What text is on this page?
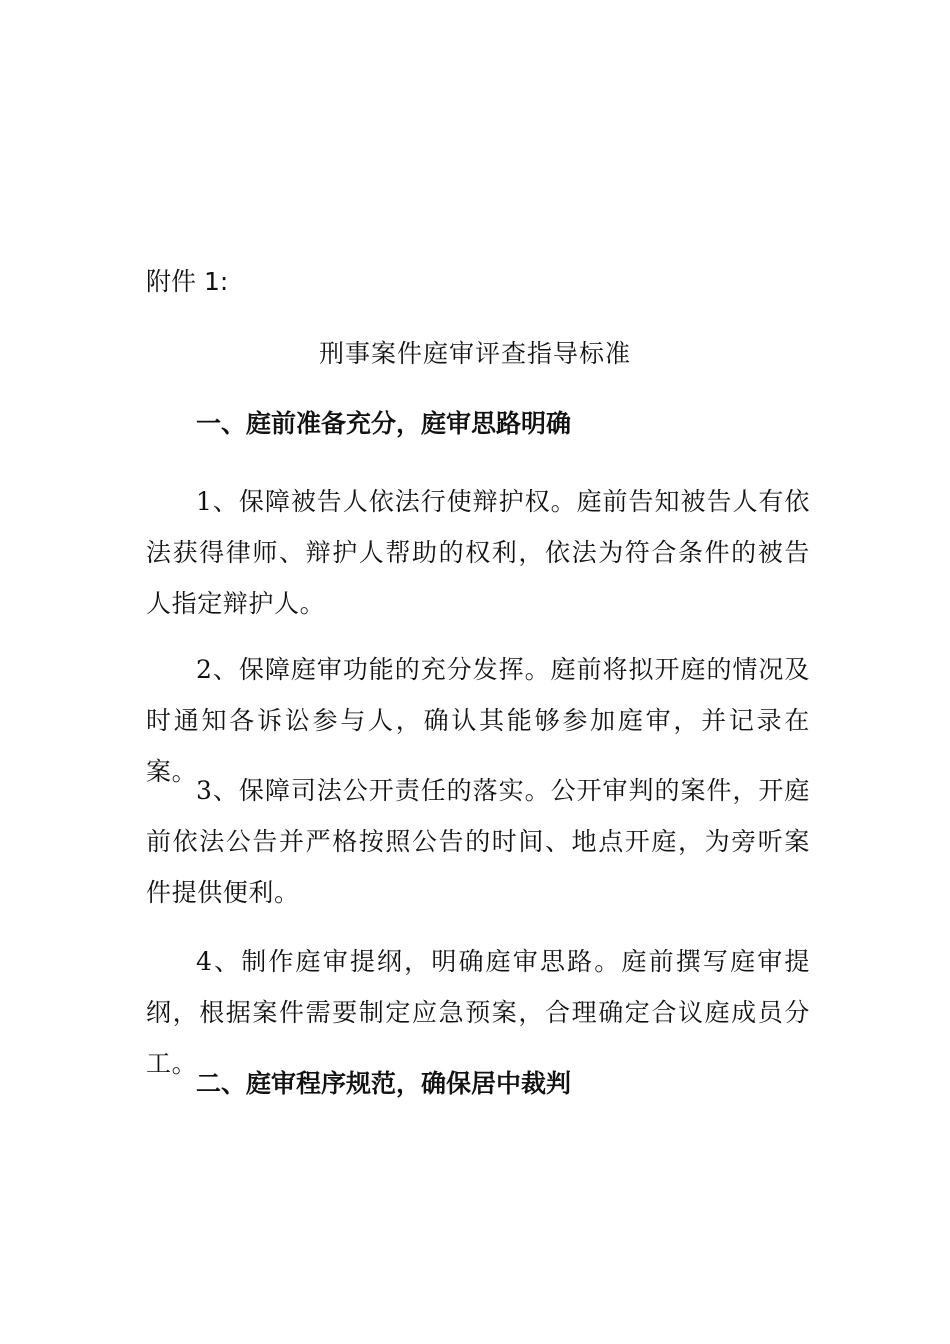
附件 1:

刑事案件庭审评查指导标准
一、庭前准备充分，庭审思路明确

1、保障被告人依法行使辩护权。庭前告知被告人有依法获得律师、辩护人帮助的权利，依法为符合条件的被告人指定辩护人。

2、保障庭审功能的充分发挥。庭前将拟开庭的情况及时通知各诉讼参与人，确认其能够参加庭审，并记录在案。

3、保障司法公开责任的落实。公开审判的案件，开庭前依法公告并严格按照公告的时间、地点开庭，为旁听案件提供便利。

4、制作庭审提纲，明确庭审思路。庭前撰写庭审提纲，根据案件需要制定应急预案，合理确定合议庭成员分工。

二、庭审程序规范，确保居中裁判
